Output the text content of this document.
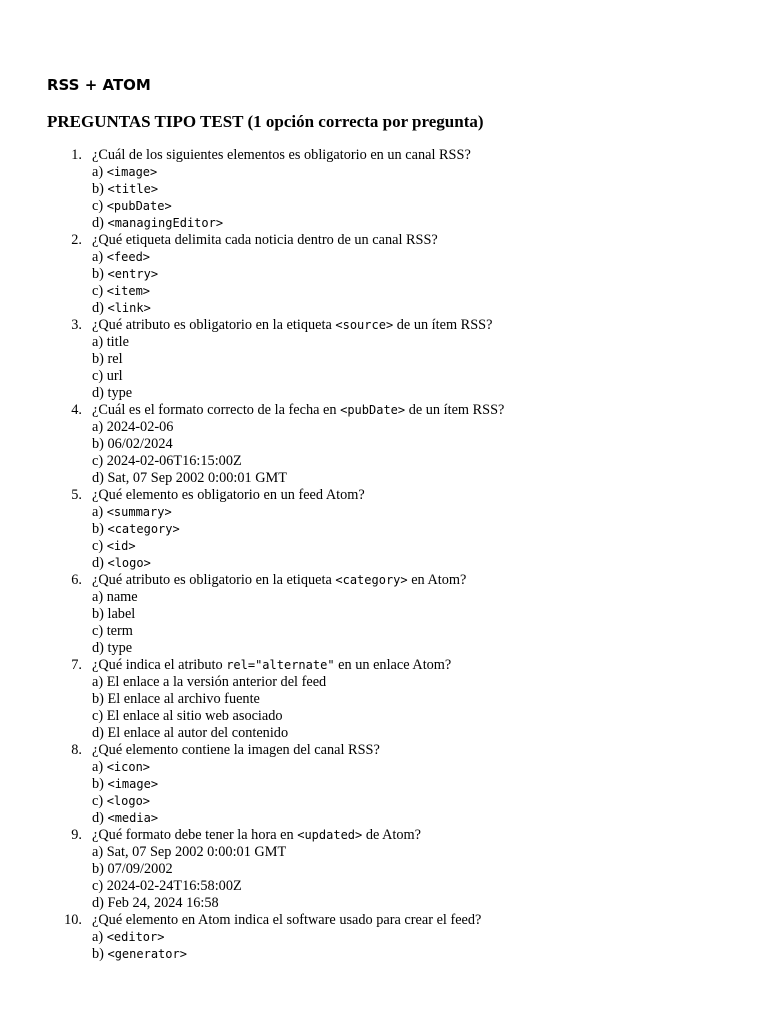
RSS + ATOM
PREGUNTAS TIPO TEST (1 opción correcta por pregunta)
1. ¿Cuál de los siguientes elementos es obligatorio en un canal RSS?
a) <image>
b) <title>
c) <pubDate>
d) <managingEditor>
2. ¿Qué etiqueta delimita cada noticia dentro de un canal RSS?
a) <feed>
b) <entry>
c) <item>
d) <link>
3. ¿Qué atributo es obligatorio en la etiqueta <source> de un ítem RSS?
a) title
b) rel
c) url
d) type
4. ¿Cuál es el formato correcto de la fecha en <pubDate> de un ítem RSS?
a) 2024-02-06
b) 06/02/2024
c) 2024-02-06T16:15:00Z
d) Sat, 07 Sep 2002 0:00:01 GMT
5. ¿Qué elemento es obligatorio en un feed Atom?
a) <summary>
b) <category>
c) <id>
d) <logo>
6. ¿Qué atributo es obligatorio en la etiqueta <category> en Atom?
a) name
b) label
c) term
d) type
7. ¿Qué indica el atributo rel="alternate" en un enlace Atom?
a) El enlace a la versión anterior del feed
b) El enlace al archivo fuente
c) El enlace al sitio web asociado
d) El enlace al autor del contenido
8. ¿Qué elemento contiene la imagen del canal RSS?
a) <icon>
b) <image>
c) <logo>
d) <media>
9. ¿Qué formato debe tener la hora en <updated> de Atom?
a) Sat, 07 Sep 2002 0:00:01 GMT
b) 07/09/2002
c) 2024-02-24T16:58:00Z
d) Feb 24, 2024 16:58
10. ¿Qué elemento en Atom indica el software usado para crear el feed?
a) <editor>
b) <generator>
